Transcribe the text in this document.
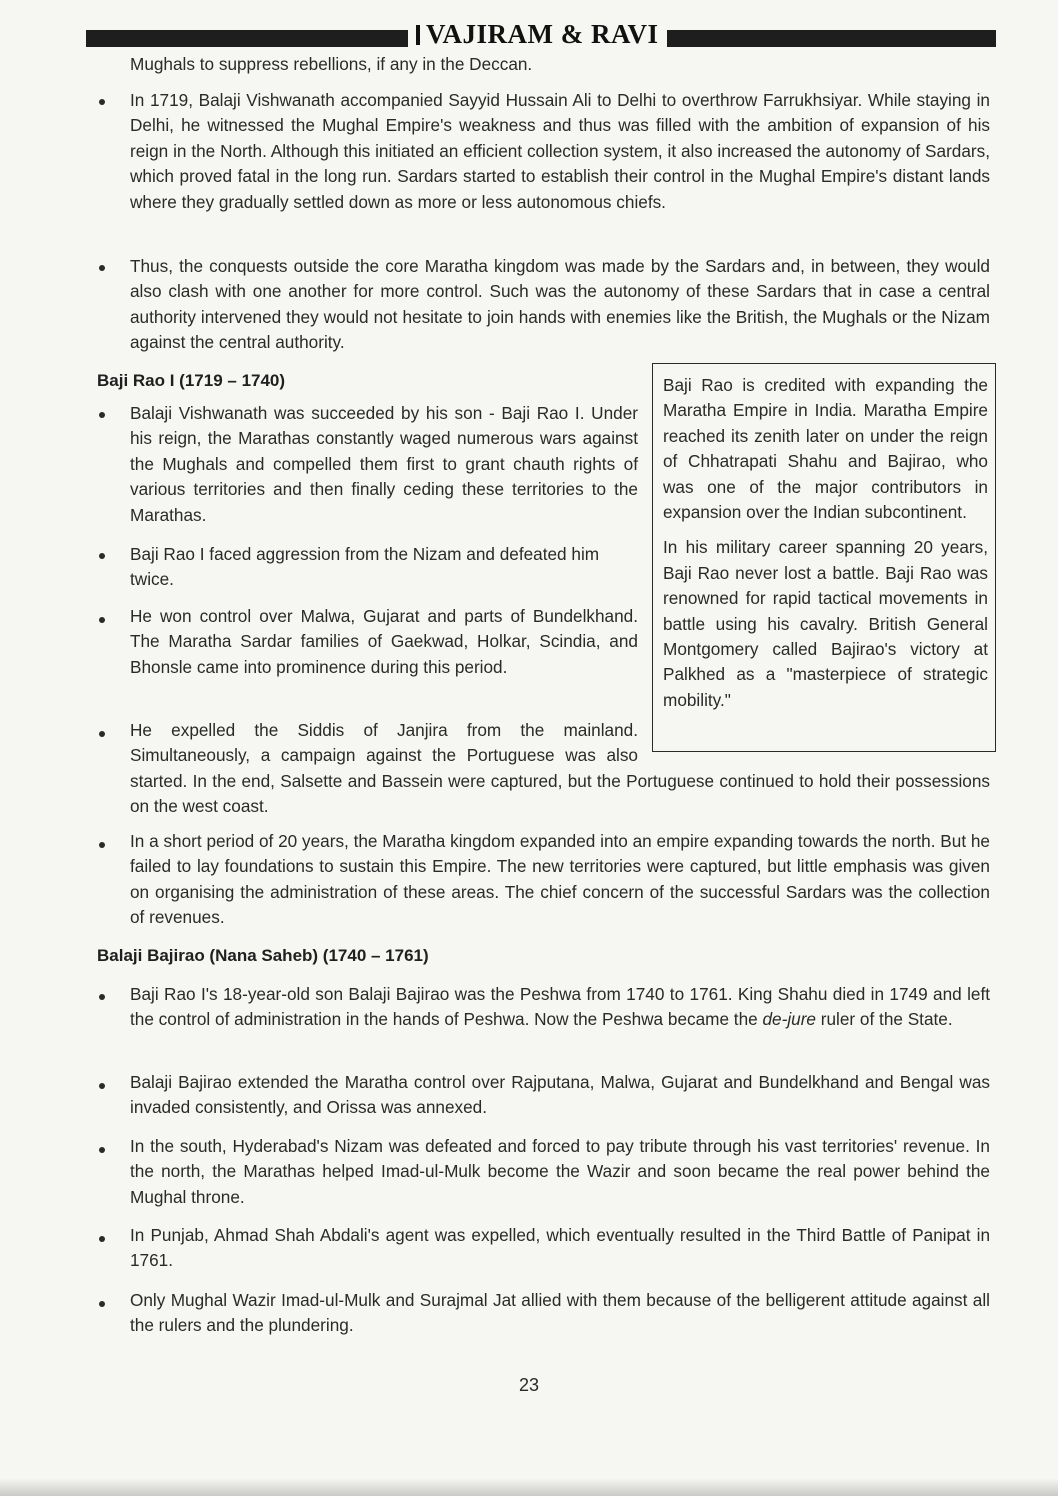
VAJIRAM & RAVI

Mughals to suppress rebellions, if any in the Deccan.

In 1719, Balaji Vishwanath accompanied Sayyid Hussain Ali to Delhi to overthrow Farrukhsiyar. While staying in Delhi, he witnessed the Mughal Empire's weakness and thus was filled with the ambition of expansion of his reign in the North. Although this initiated an efficient collection system, it also increased the autonomy of Sardars, which proved fatal in the long run. Sardars started to establish their control in the Mughal Empire's distant lands where they gradually settled down as more or less autonomous chiefs.

Thus, the conquests outside the core Maratha kingdom was made by the Sardars and, in between, they would also clash with one another for more control. Such was the autonomy of these Sardars that in case a central authority intervened they would not hesitate to join hands with enemies like the British, the Mughals or the Nizam against the central authority.

Baji Rao I (1719 – 1740)	Baji Rao is credited with expanding the Maratha Empire in India. Maratha Empire reached its zenith later on under the reign of Chhatrapati Shahu and Bajirao, who was one of the major contributors in expansion over the Indian subcontinent.

In his military career spanning 20 years, Baji Rao never lost a battle. Baji Rao was renowned for rapid tactical movements in battle using his cavalry. British General Montgomery called Bajirao's victory at Palkhed as a "masterpiece of strategic mobility."

Balaji Vishwanath was succeeded by his son - Baji Rao I. Under his reign, the Marathas constantly waged numerous wars against the Mughals and compelled them first to grant chauth rights of various territories and then finally ceding these territories to the Marathas.

Baji Rao I faced aggression from the Nizam and defeated him twice.

He won control over Malwa, Gujarat and parts of Bundelkhand. The Maratha Sardar families of Gaekwad, Holkar, Scindia, and Bhonsle came into prominence during this period.

He expelled the Siddis of Janjira from the mainland. Simultaneously, a campaign against the Portuguese was also started. In the end, Salsette and Bassein were captured, but the Portuguese continued to hold their possessions on the west coast.

In a short period of 20 years, the Maratha kingdom expanded into an empire expanding towards the north. But he failed to lay foundations to sustain this Empire. The new territories were captured, but little emphasis was given on organising the administration of these areas. The chief concern of the successful Sardars was the collection of revenues.

Balaji Bajirao (Nana Saheb) (1740 – 1761)

Baji Rao I's 18-year-old son Balaji Bajirao was the Peshwa from 1740 to 1761. King Shahu died in 1749 and left the control of administration in the hands of Peshwa. Now the Peshwa became the de-jure ruler of the State.

Balaji Bajirao extended the Maratha control over Rajputana, Malwa, Gujarat and Bundelkhand and Bengal was invaded consistently, and Orissa was annexed.

In the south, Hyderabad's Nizam was defeated and forced to pay tribute through his vast territories' revenue. In the north, the Marathas helped Imad-ul-Mulk become the Wazir and soon became the real power behind the Mughal throne.

In Punjab, Ahmad Shah Abdali's agent was expelled, which eventually resulted in the Third Battle of Panipat in 1761.

Only Mughal Wazir Imad-ul-Mulk and Surajmal Jat allied with them because of the belligerent attitude against all the rulers and the plundering.

23
